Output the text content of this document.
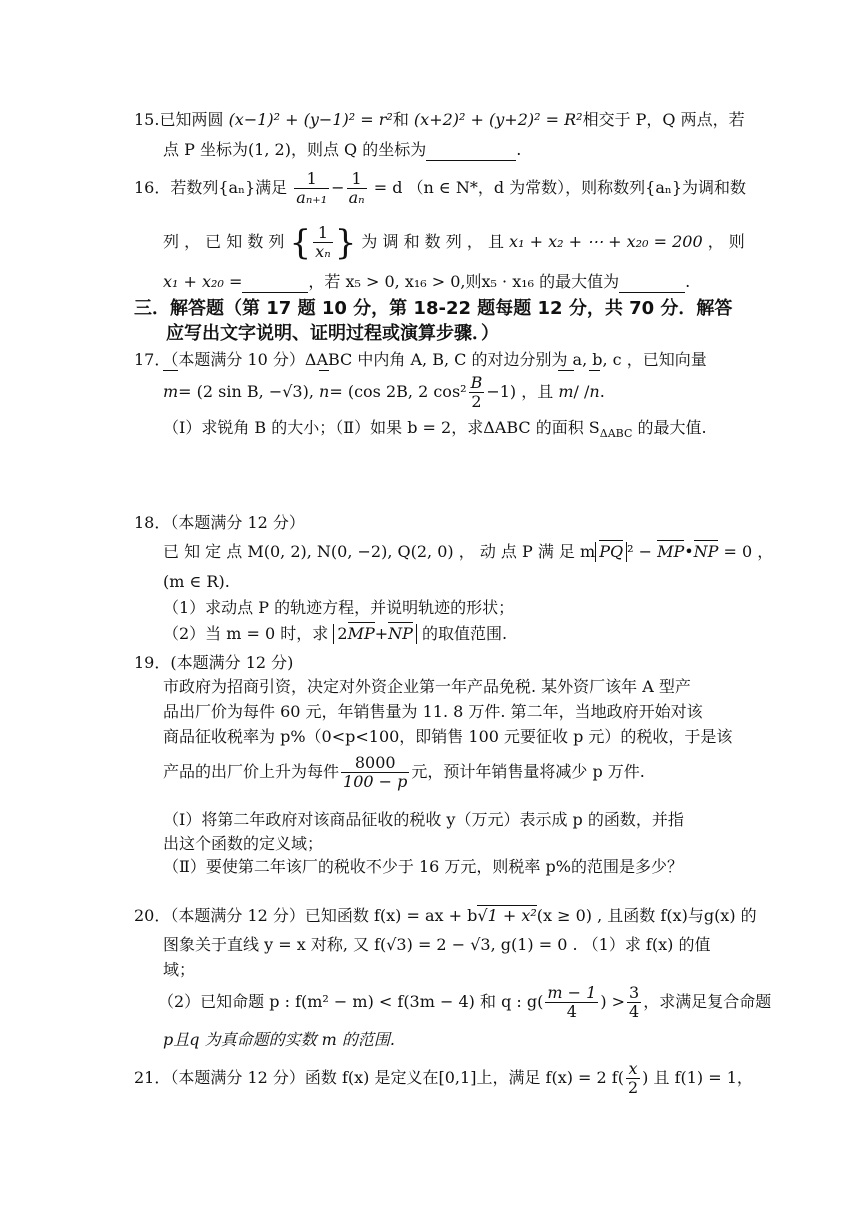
15.已知两圆 (x−1)² + (y−1)² = r²和 (x+2)² + (y+2)² = R²相交于 P，Q 两点，若
点 P 坐标为(1, 2)，则点 Q 的坐标为	.
16．若数列{aₙ}满足 $\frac{1}{\text{aₙ₊₁}} - \frac{1}{\text{aₙ}} = d$ （n ∈ N*，d 为常数），则称数列{aₙ}为调和数
列 ， 已 知 数 列 { $\frac{1}{\text{xₙ}}$ } 为 调 和 数 列 ， 且 x₁ + x₂ + ⋯ + x₂₀ = 200 ， 则
x₁ + x₂₀ =	，若 x₅ > 0, x₁₆ > 0,则x₅ · x₁₆ 的最大值为	.
三．解答题（第 17 题 10 分，第 18-22 题每题 12 分，共 70 分．解答
应写出文字说明、证明过程或演算步骤．）
17．（本题满分 10 分）ΔABC 中内角 A, B, C 的对边分别为 a, b, c ，已知向量
m= (2 sin B, −√3), n= (cos 2B, 2 $\cos^2 \frac{B}{2} -1$) ，且 m/ /n.
（Ⅰ）求锐角 B 的大小；（Ⅱ）如果 b = 2，求ΔABC 的面积 $S_{\Delta ABC}$ 的最大值.
18．（本题满分 12 分）
已 知 定 点 M(0, 2), N(0, −2), Q(2, 0) ， 动 点 P 满 足 m PQ ² − MP•NP = 0 ，
(m ∈ R).
（1）求动点 P 的轨迹方程，并说明轨迹的形状；
（2）当 m = 0 时，求 2MP+NP 的取值范围.
19．(本题满分 12 分)
市政府为招商引资，决定对外资企业第一年产品免税. 某外资厂该年 A 型产
品出厂价为每件 60 元，年销售量为 11. 8 万件. 第二年，当地政府开始对该
商品征收税率为 p%（0<p<100，即销售 100 元要征收 p 元）的税收，于是该
产品的出厂价上升为每件 $\frac{8000}{100 - p}$ 元，预计年销售量将减少 p 万件.
（Ⅰ）将第二年政府对该商品征收的税收 y（万元）表示成 p 的函数，并指
出这个函数的定义域；
（Ⅱ）要使第二年该厂的税收不少于 16 万元，则税率 p%的范围是多少？
20．（本题满分 12 分）已知函数 f(x) = ax + b√1 + x²(x ≥ 0) , 且函数 f(x)与g(x) 的
图象关于直线 y = x 对称, 又 f(√3) = 2 − √3, g(1) = 0 . （1）求 f(x) 的值
域；
（2）已知命题 p : f(m² − m) < f(3m − 4) 和 q : $g( \frac{m - 1}{4}$ ) > $\frac{3}{4}$ ，求满足复合命题
p且q 为真命题的实数 m 的范围.
21．（本题满分 12 分）函数 f(x) 是定义在[0,1]上，满足 f(x) = 2 $f( \frac{x}{2}$ ) 且 f(1) = 1，
